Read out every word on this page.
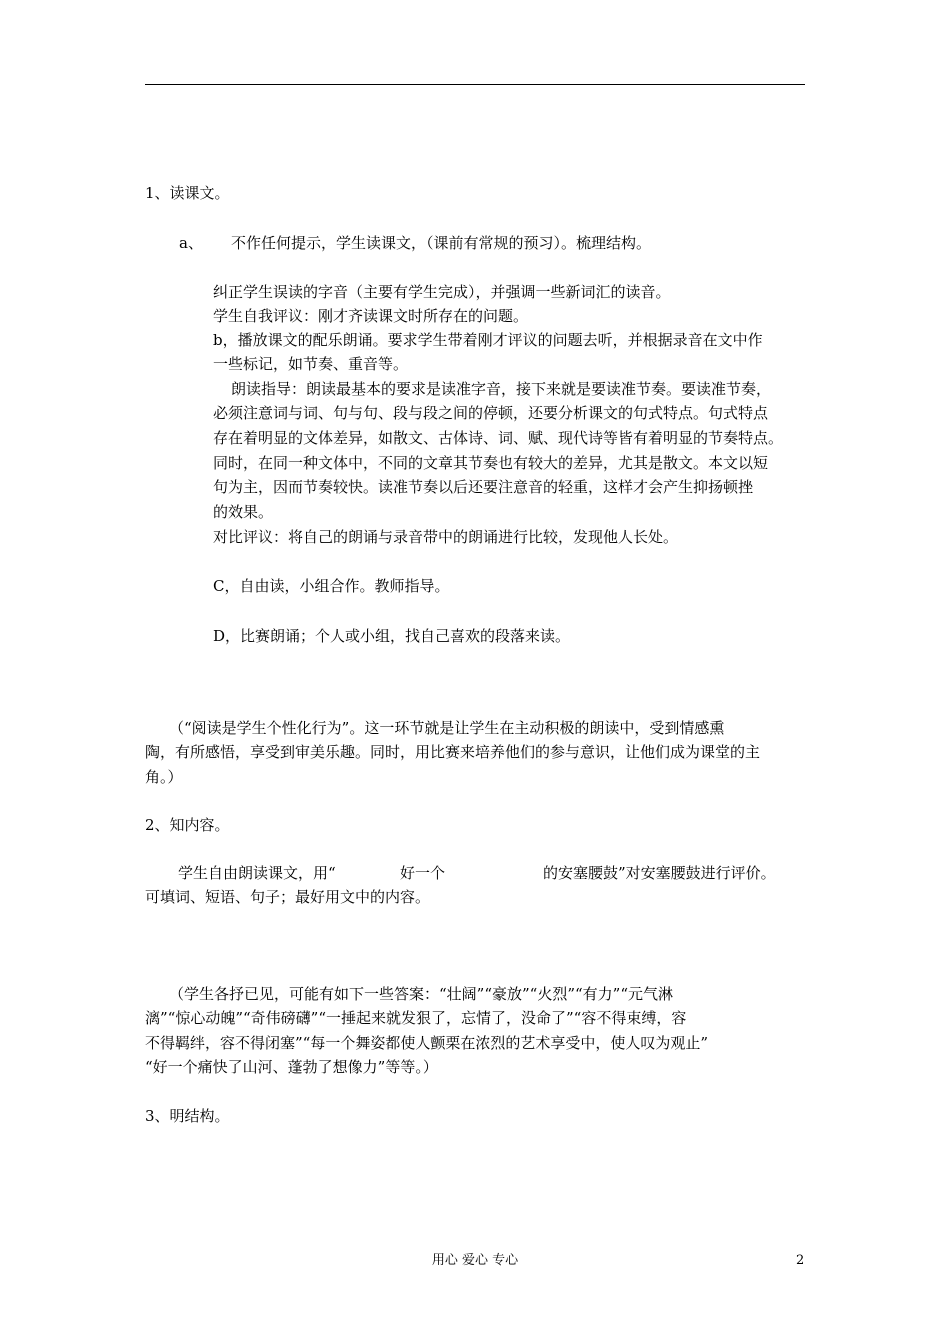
1、读课文。
a、 不作任何提示，学生读课文，（课前有常规的预习）。梳理结构。
纠正学生误读的字音（主要有学生完成），并强调一些新词汇的读音。
学生自我评议：刚才齐读课文时所存在的问题。
b，播放课文的配乐朗诵。要求学生带着刚才评议的问题去听，并根据录音在文中作
一些标记，如节奏、重音等。
朗读指导：朗读最基本的要求是读准字音，接下来就是要读准节奏。要读准节奏，
必须注意词与词、句与句、段与段之间的停顿，还要分析课文的句式特点。句式特点
存在着明显的文体差异，如散文、古体诗、词、赋、现代诗等皆有着明显的节奏特点。
同时，在同一种文体中，不同的文章其节奏也有较大的差异，尤其是散文。本文以短
句为主，因而节奏较快。读准节奏以后还要注意音的轻重，这样才会产生抑扬顿挫
的效果。
对比评议：将自己的朗诵与录音带中的朗诵进行比较，发现他人长处。
C，自由读，小组合作。教师指导。
D，比赛朗诵；个人或小组，找自己喜欢的段落来读。
（“阅读是学生个性化行为”。这一环节就是让学生在主动积极的朗读中，受到情感熏
陶，有所感悟，享受到审美乐趣。同时，用比赛来培养他们的参与意识，让他们成为课堂的主
角。）
2、知内容。
学生自由朗读课文，用“	好一个	的安塞腰鼓”对安塞腰鼓进行评价。
可填词、短语、句子；最好用文中的内容。
（学生各抒已见，可能有如下一些答案：“壮阔”“豪放”“火烈”“有力”“元气淋
漓”“惊心动魄”“奇伟磅礴”“一捶起来就发狠了，忘情了，没命了”“容不得束缚，容
不得羁绊，容不得闭塞”“每一个舞姿都使人颤栗在浓烈的艺术享受中，使人叹为观止”
“好一个痛快了山河、蓬勃了想像力”等等。）
3、明结构。
用心 爱心 专心	2
